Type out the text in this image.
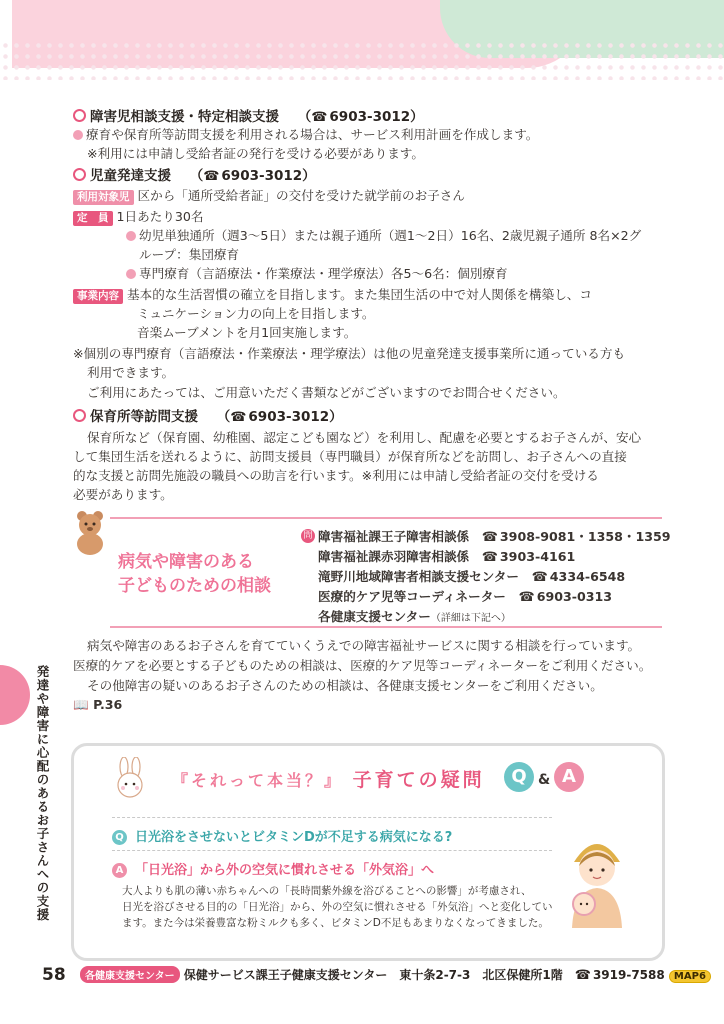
障害児相談支援・特定相談支援 （☎ 6903-3012）
療育や保育所等訪問支援を利用される場合は、サービス利用計画を作成します。
※利用には申請し受給者証の発行を受ける必要があります。
児童発達支援 （☎ 6903-3012）
利用対象児 区から「通所受給者証」の交付を受けた就学前のお子さん
定　員 1日あたり30名
幼児単独通所（週3〜5日）または親子通所（週1〜2日）16名、2歳児親子通所 8名×2グ
ループ：集団療育
専門療育（言語療法・作業療法・理学療法）各5〜6名：個別療育
事業内容 基本的な生活習慣の確立を目指します。また集団生活の中で対人関係を構築し、コ
ミュニケーション力の向上を目指します。
音楽ムーブメントを月1回実施します。
※個別の専門療育（言語療法・作業療法・理学療法）は他の児童発達支援事業所に通っている方も
利用できます。
ご利用にあたっては、ご用意いただく書類などがございますのでお問合せください。
保育所等訪問支援 （☎ 6903-3012）
保育所など（保育園、幼稚園、認定こども園など）を利用し、配慮を必要とするお子さんが、安心
して集団生活を送れるように、訪問支援員（専門職員）が保育所などを訪問し、お子さんへの直接
的な支援と訪問先施設の職員への助言を行います。※利用には申請し受給者証の交付を受ける
必要があります。
病気や障害のある
子どものための相談
問 障害福祉課王子障害相談係　 ☎ 3908-9081・1358・1359
障害福祉課赤羽障害相談係　 ☎ 3903-4161
滝野川地域障害者相談支援センター　 ☎ 4334-6548
医療的ケア児等コーディネーター　 ☎ 6903-0313
各健康支援センター（詳細は下記へ）
病気や障害のあるお子さんを育てていくうえでの障害福祉サービスに関する相談を行っています。
医療的ケアを必要とする子どものための相談は、医療的ケア児等コーディネーターをご利用ください。
その他障害の疑いのあるお子さんのための相談は、各健康支援センターをご利用ください。
📖 P.36
発達や障害に心配のあるお子さんへの支援	『それって本当？』 子育ての疑問	Q & A
Q 日光浴をさせないとビタミンDが不足する病気になる?
A 「日光浴」から外の空気に慣れさせる「外気浴」へ
大人よりも肌の薄い赤ちゃんへの「長時間紫外線を浴びることへの影響」が考慮され、
日光を浴びさせる目的の「日光浴」から、外の空気に慣れさせる「外気浴」へと変化してい
ます。また今は栄養豊富な粉ミルクも多く、ビタミンD不足もあまりなくなってきました。
58	各健康支援センター 保健サービス課王子健康支援センター　 東十条2-7-3　北区保健所1階　 ☎ 3919-7588 MAP6
